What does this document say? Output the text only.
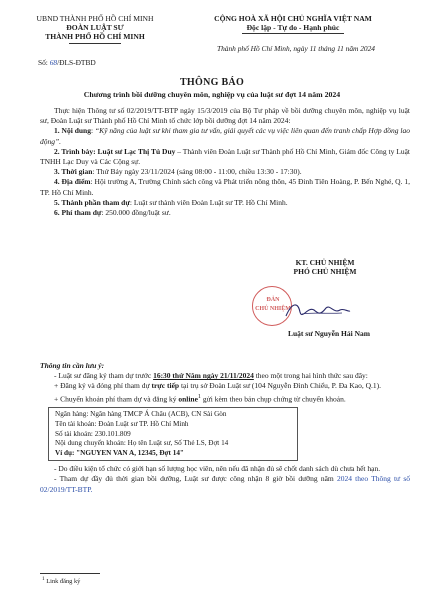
UBND THÀNH PHỐ HỒ CHÍ MINH
ĐOÀN LUẬT SƯ
THÀNH PHỐ HỒ CHÍ MINH
Số: 68/ĐLS-ĐTBD
CỘNG HOÀ XÃ HỘI CHỦ NGHĨA VIỆT NAM
Độc lập - Tự do - Hạnh phúc
Thành phố Hồ Chí Minh, ngày 11 tháng 11 năm 2024
THÔNG BÁO
Chương trình bồi dưỡng chuyên môn, nghiệp vụ của luật sư đợt 14 năm 2024

Thực hiện Thông tư số 02/2019/TT-BTP ngày 15/3/2019 của Bộ Tư pháp về bồi dưỡng chuyên môn, nghiệp vụ luật sư, Đoàn Luật sư Thành phố Hồ Chí Minh tổ chức lớp bồi dưỡng đợt 14 năm 2024:

1. Nội dung: “Kỹ năng của luật sư khi tham gia tư vấn, giải quyết các vụ việc liên quan đến tranh chấp Hợp đồng lao động”.

2. Trình bày: Luật sư Lạc Thị Tú Duy – Thành viên Đoàn Luật sư Thành phố Hồ Chí Minh, Giám đốc Công ty Luật TNHH Lạc Duy và Các Cộng sự.

3. Thời gian: Thứ Bảy ngày 23/11/2024 (sáng 08:00 - 11:00, chiều 13:30 - 17:30).

4. Địa điểm: Hội trường A, Trường Chính sách công và Phát triển nông thôn, 45 Đinh Tiên Hoàng, P. Bến Nghé, Q. 1, TP. Hồ Chí Minh.

5. Thành phần tham dự: Luật sư thành viên Đoàn Luật sư TP. Hồ Chí Minh.

6. Phí tham dự: 250.000 đồng/luật sư.

KT. CHỦ NHIỆM
PHÓ CHỦ NHIỆM
ĐẢN
CHỦ NHIỆM
Luật sư Nguyễn Hải Nam

Thông tin cần lưu ý:

- Luật sư đăng ký tham dự trước 16:30 thứ Năm ngày 21/11/2024 theo một trong hai hình thức sau đây:

+ Đăng ký và đóng phí tham dự trực tiếp tại trụ sở Đoàn Luật sư (104 Nguyễn Đình Chiểu, P. Đa Kao, Q.1).

+ Chuyển khoản phí tham dự và đăng ký online$^1$ gửi kèm theo bản chụp chứng từ chuyển khoản.

Ngân hàng: Ngân hàng TMCP Á Châu (ACB), CN Sài Gòn
Tên tài khoản: Đoàn Luật sư TP. Hồ Chí Minh
Số tài khoản: 230.101.809
Nội dung chuyển khoản: Họ tên Luật sư, Số Thẻ LS, Đợt 14
Ví dụ: "NGUYEN VAN A, 12345, Đợt 14"

- Do điều kiện tổ chức có giới hạn số lượng học viên, nên nếu đã nhận đủ sẽ chốt danh sách dù chưa hết hạn.

- Tham dự đầy đủ thời gian bồi dưỡng, Luật sư được công nhận 8 giờ bồi dưỡng năm 2024 theo Thông tư số 02/2019/TT-BTP.

$^1$ Link đăng ký
